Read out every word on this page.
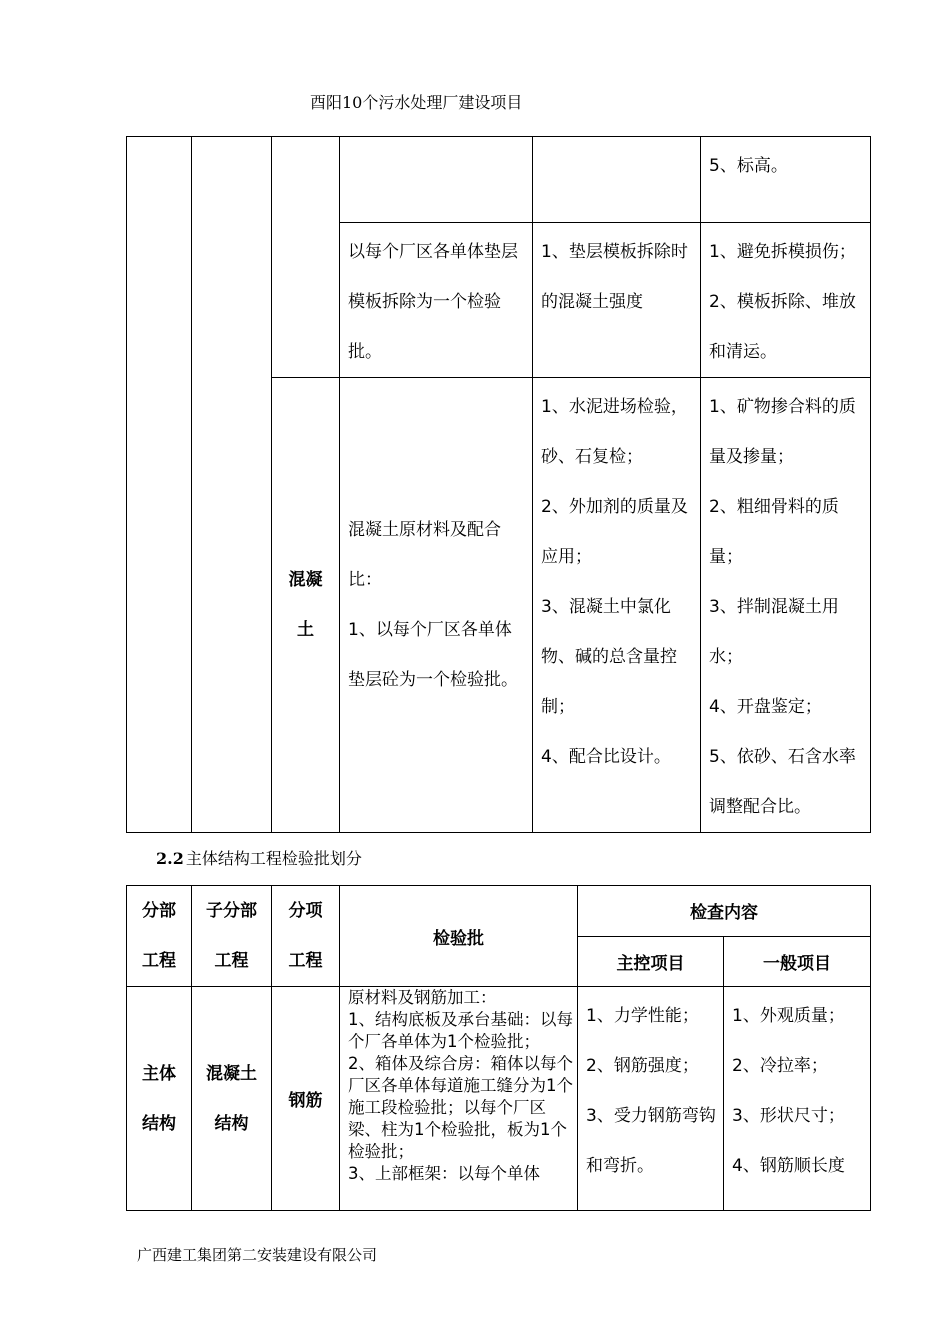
酉阳10个污水处理厂建设项目

					5、标高。

			以每个厂区各单体垫层模板拆除为一个检验批。	1、垫层模板拆除时的混凝土强度	1、避免拆模损伤；2、模板拆除、堆放和清运。

		混凝土	混凝土原材料及配合比：
1、以每个厂区各单体垫层砼为一个检验批。	1、水泥进场检验，砂、石复检；
2、外加剂的质量及应用；
3、混凝土中氯化物、碱的总含量控制；
4、配合比设计。	1、矿物掺合料的质量及掺量；
2、粗细骨料的质量；
3、拌制混凝土用水；
4、开盘鉴定；
5、依砂、石含水率调整配合比。
2.2 主体结构工程检验批划分
分部工程	子分部工程	分项工程	检验批	检查内容	
				主控项目	一般项目

主体结构	混凝土结构	钢筋	原材料及钢筋加工：
1、结构底板及承台基础：以每个厂各单体为1个检验批；
2、箱体及综合房：箱体以每个厂区各单体每道施工缝分为1个施工段检验批；以每个厂区梁、柱为1个检验批，板为1个检验批；
3、上部框架：以每个单体	1、力学性能；
2、钢筋强度；
3、受力钢筋弯钩和弯折。	1、外观质量；
2、冷拉率；
3、形状尺寸；
4、钢筋顺长度
广西建工集团第二安装建设有限公司
